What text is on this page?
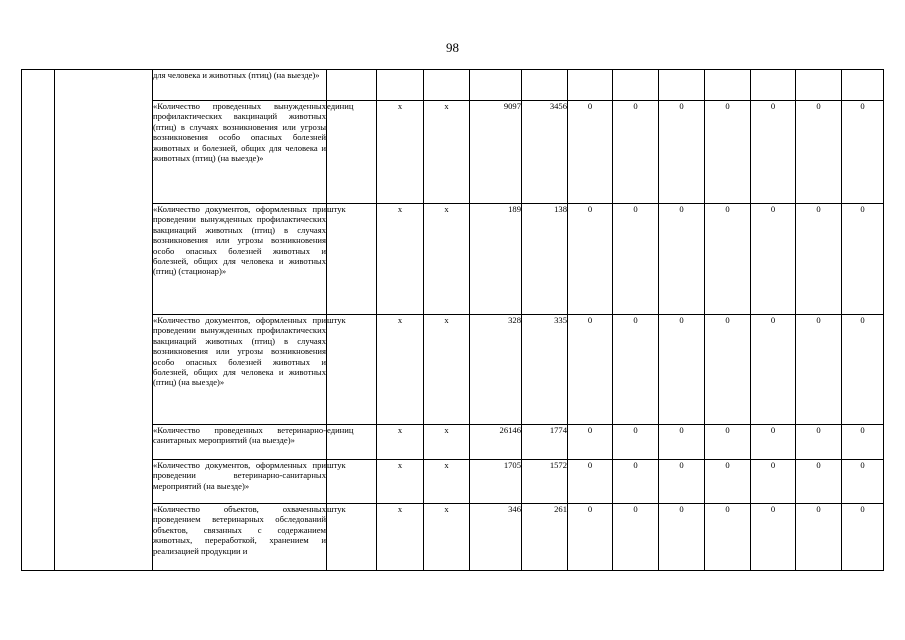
98
		для человека и животных (птиц) (на выезде)»												
		«Количество проведенных вынужденных профилактических вакцинаций животных (птиц) в случаях возникновения или угрозы возникновения особо опасных болезней животных и болезней, общих для человека и животных (птиц) (на выезде)»	единиц	х	х	9097	3456	0	0	0	0	0	0	0
		«Количество документов, оформленных при проведении вынужденных профилактических вакцинаций животных (птиц) в случаях возникновения или угрозы возникновения особо опасных болезней животных и болезней, общих для человека и животных (птиц) (стационар)»	штук	х	х	189	138	0	0	0	0	0	0	0
		«Количество документов, оформленных при проведении вынужденных профилактических вакцинаций животных (птиц) в случаях возникновения или угрозы возникновения особо опасных болезней животных и болезней, общих для человека и животных (птиц) (на выезде)»	штук	х	х	328	335	0	0	0	0	0	0	0
		«Количество проведенных ветеринарно-санитарных мероприятий (на выезде)»	единиц	х	х	26146	1774	0	0	0	0	0	0	0
		«Количество документов, оформленных при проведении ветеринарно-санитарных мероприятий (на выезде)»	штук	х	х	1705	1572	0	0	0	0	0	0	0
		«Количество объектов, охваченных проведением ветеринарных обследований объектов, связанных с содержанием животных, переработкой, хранением и реализацией продукции и	штук	х	х	346	261	0	0	0	0	0	0	0
